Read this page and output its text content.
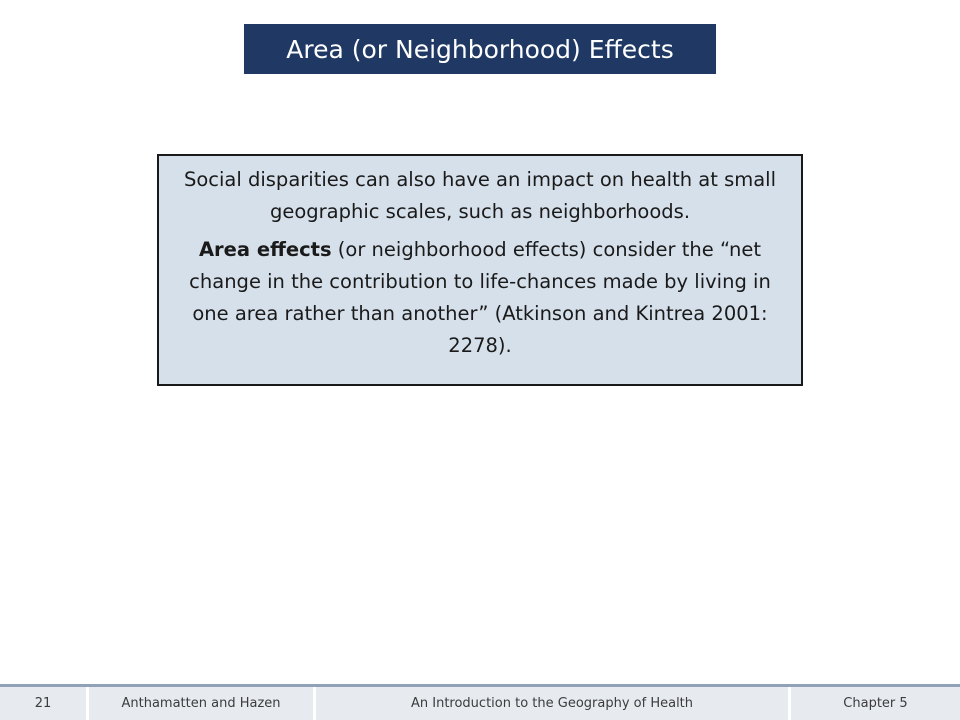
Area (or Neighborhood) Effects

Social disparities can also have an impact on health at small geographic scales, such as neighborhoods.

Area effects (or neighborhood effects) consider the “net change in the contribution to life-chances made by living in one area rather than another” (Atkinson and Kintrea 2001: 2278).

21	Anthamatten and Hazen	An Introduction to the Geography of Health	Chapter 5
